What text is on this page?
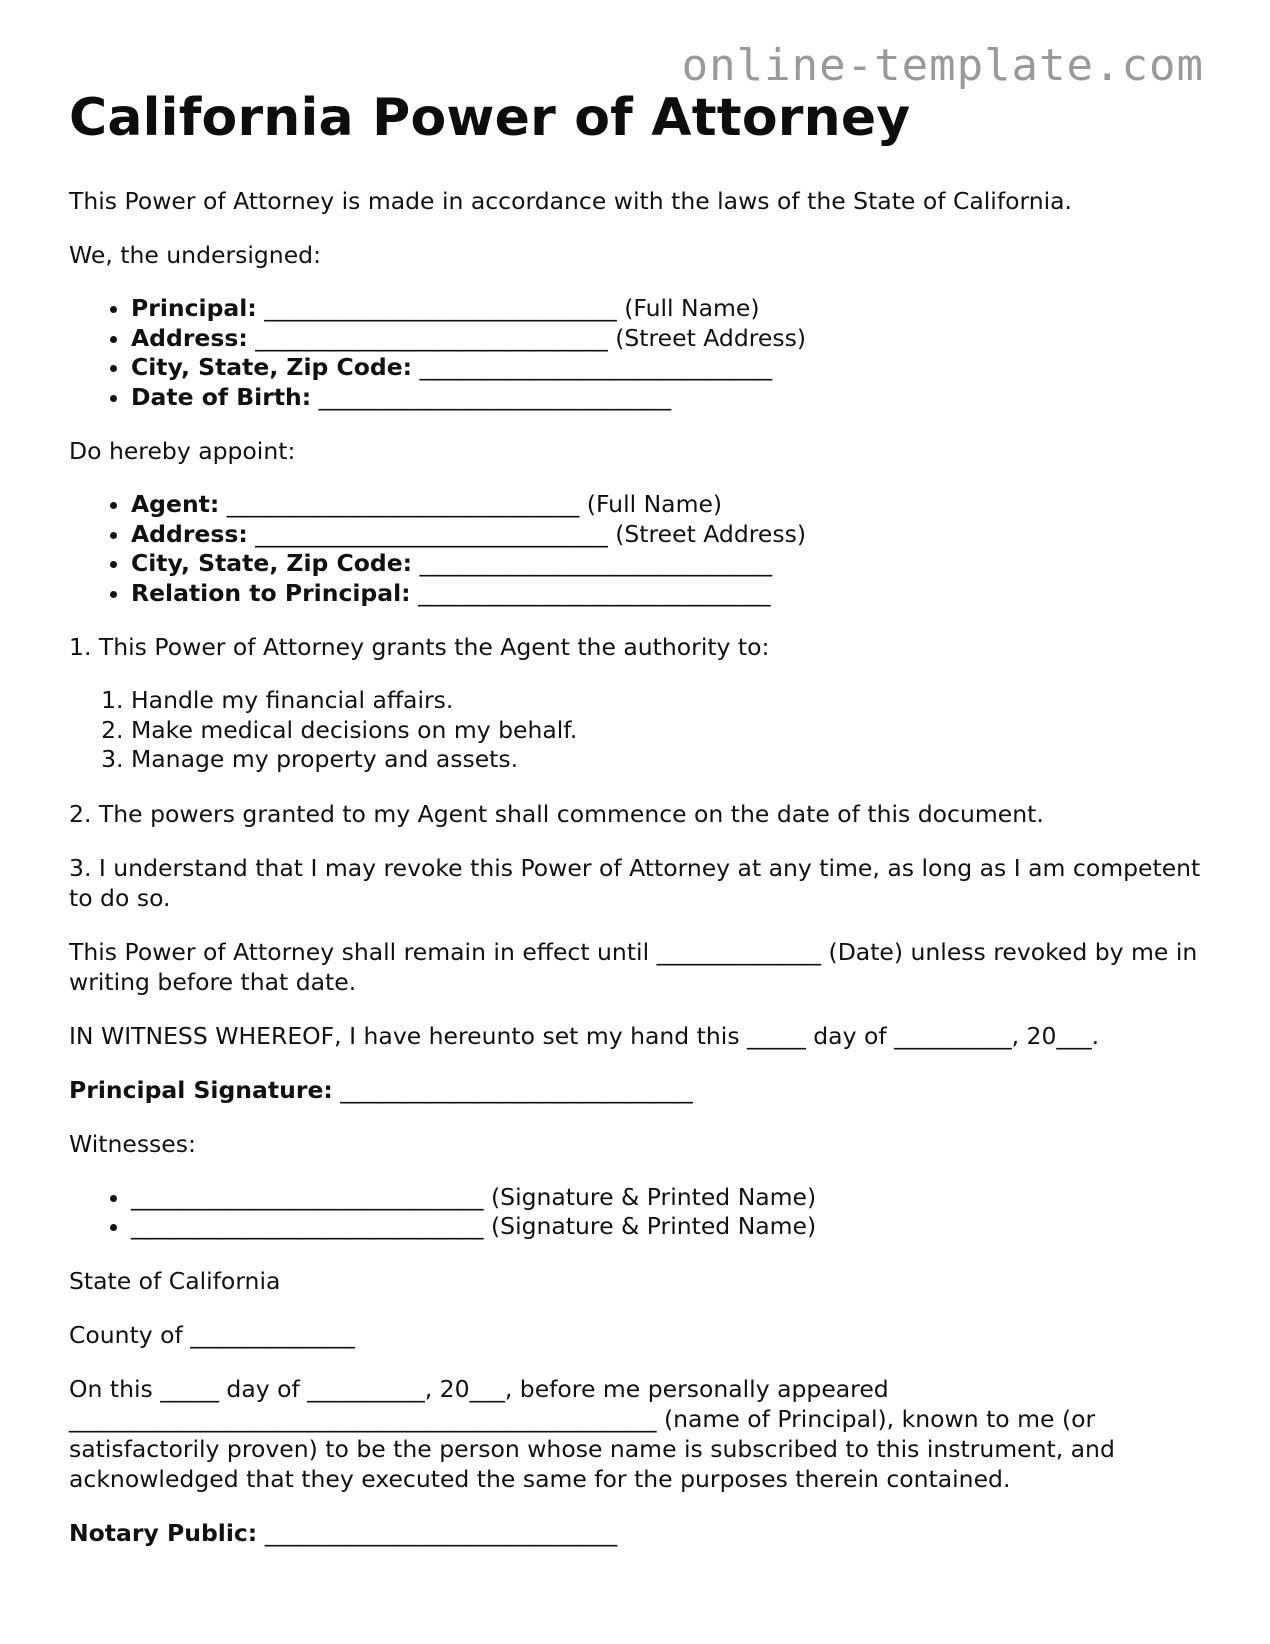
online-template.com
California Power of Attorney

This Power of Attorney is made in accordance with the laws of the State of California.

We, the undersigned:

• Principal: ______________________________ (Full Name)
• Address: ______________________________ (Street Address)
• City, State, Zip Code: ______________________________
• Date of Birth: ______________________________

Do hereby appoint:

• Agent: ______________________________ (Full Name)
• Address: ______________________________ (Street Address)
• City, State, Zip Code: ______________________________
• Relation to Principal: ______________________________

1. This Power of Attorney grants the Agent the authority to:

1. Handle my financial affairs.
2. Make medical decisions on my behalf.
3. Manage my property and assets.

2. The powers granted to my Agent shall commence on the date of this document.

3. I understand that I may revoke this Power of Attorney at any time, as long as I am competent to do so.

This Power of Attorney shall remain in effect until ______________ (Date) unless revoked by me in writing before that date.

IN WITNESS WHEREOF, I have hereunto set my hand this _____ day of __________, 20___.

Principal Signature: ______________________________

Witnesses:

• ______________________________ (Signature & Printed Name)
• ______________________________ (Signature & Printed Name)

State of California

County of ______________

On this _____ day of __________, 20___, before me personally appeared __________________________________________________ (name of Principal), known to me (or satisfactorily proven) to be the person whose name is subscribed to this instrument, and acknowledged that they executed the same for the purposes therein contained.

Notary Public: ______________________________
